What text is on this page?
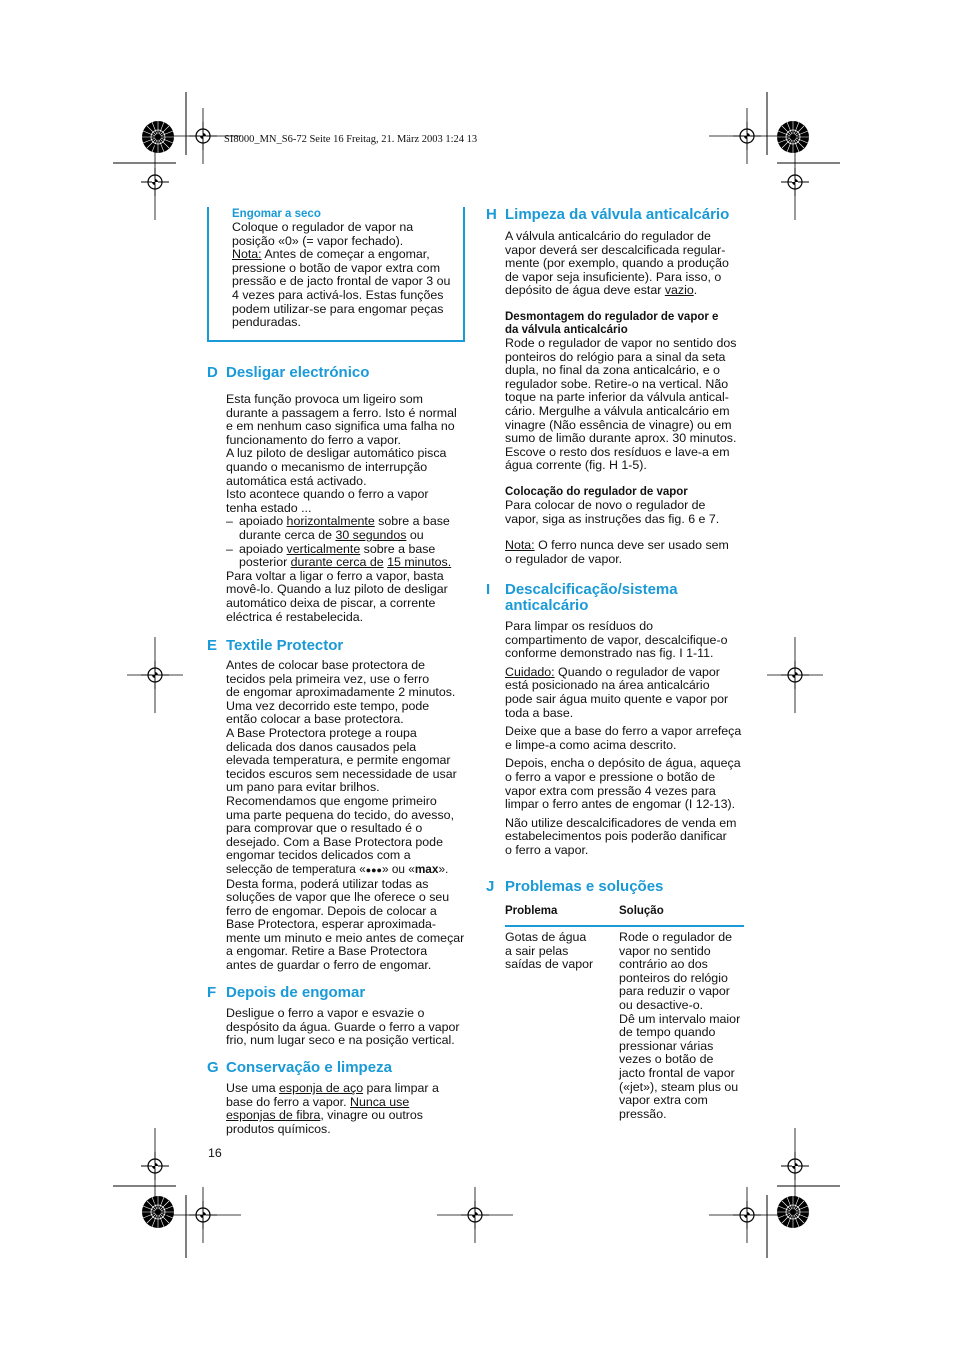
SI8000_MN_S6-72 Seite 16 Freitag, 21. März 2003 1:24 13

Engomar a seco

Coloque o regulador de vapor na

posição «0» (= vapor fechado).

Nota: Antes de começar a engomar,

pressione o botão de vapor extra com

pressão e de jacto frontal de vapor 3 ou

4 vezes para activá-los. Estas funções

podem utilizar-se para engomar peças

penduradas.

D Desligar electrónico

Esta função provoca um ligeiro som

durante a passagem a ferro. Isto é normal

e em nenhum caso significa uma falha no

funcionamento do ferro a vapor.

A luz piloto de desligar automático pisca

quando o mecanismo de interrupção

automática está activado.

Isto acontece quando o ferro a vapor

tenha estado ...

– apoiado horizontalmente sobre a base

durante cerca de 30 segundos ou

– apoiado verticalmente sobre a base

posterior durante cerca de 15 minutos.

Para voltar a ligar o ferro a vapor, basta

movê-lo. Quando a luz piloto de desligar

automático deixa de piscar, a corrente

eléctrica é restabelecida.

E Textile Protector

Antes de colocar base protectora de

tecidos pela primeira vez, use o ferro

de engomar aproximadamente 2 minutos.

Uma vez decorrido este tempo, pode

então colocar a base protectora.

A Base Protectora protege a roupa

delicada dos danos causados pela

elevada temperatura, e permite engomar

tecidos escuros sem necessidade de usar

um pano para evitar brilhos.

Recomendamos que engome primeiro

uma parte pequena do tecido, do avesso,

para comprovar que o resultado é o

desejado. Com a Base Protectora pode

engomar tecidos delicados com a

selecção de temperatura «●●●» ou «max».

Desta forma, poderá utilizar todas as

soluções de vapor que lhe oferece o seu

ferro de engomar. Depois de colocar a

Base Protectora, esperar aproximada-

mente um minuto e meio antes de começar

a engomar. Retire a Base Protectora

antes de guardar o ferro de engomar.

F Depois de engomar

Desligue o ferro a vapor e esvazie o

despósito da água. Guarde o ferro a vapor

frio, num lugar seco e na posição vertical.

G Conservação e limpeza

Use uma esponja de aço para limpar a

base do ferro a vapor. Nunca use

esponjas de fibra, vinagre ou outros

produtos químicos.

16
H Limpeza da válvula anticalcário

A válvula anticalcário do regulador de

vapor deverá ser descalcificada regular-

mente (por exemplo, quando a produção

de vapor seja insuficiente). Para isso, o

depósito de água deve estar vazio.

Desmontagem do regulador de vapor e

da válvula anticalcário

Rode o regulador de vapor no sentido dos

ponteiros do relógio para a sinal da seta

dupla, no final da zona anticalcário, e o

regulador sobe. Retire-o na vertical. Não

toque na parte inferior da válvula antical-

cário. Mergulhe a válvula anticalcário em

vinagre (Não essência de vinagre) ou em

sumo de limão durante aprox. 30 minutos.

Escove o resto dos resíduos e lave-a em

água corrente (fig. H 1-5).

Colocação do regulador de vapor

Para colocar de novo o regulador de

vapor, siga as instruções das fig. 6 e 7.

Nota: O ferro nunca deve ser usado sem

o regulador de vapor.

I Descalcificação/sistema
anticalcário

Para limpar os resíduos do

compartimento de vapor, descalcifique-o

conforme demonstrado nas fig. I 1-11.

Cuidado: Quando o regulador de vapor

está posicionado na área anticalcário

pode sair água muito quente e vapor por

toda a base.

Deixe que a base do ferro a vapor arrefeça

e limpe-a como acima descrito.

Depois, encha o depósito de água, aqueça

o ferro a vapor e pressione o botão de

vapor extra com pressão 4 vezes para

limpar o ferro antes de engomar (I 12-13).

Não utilize descalcificadores de venda em

estabelecimentos pois poderão danificar

o ferro a vapor.

J Problemas e soluções
Problema	Solução

Gotas de água

a sair pelas

saídas de vapor

Rode o regulador de

vapor no sentido

contrário ao dos

ponteiros do relógio

para reduzir o vapor

ou desactive-o.

Dê um intervalo maior

de tempo quando

pressionar várias

vezes o botão de

jacto frontal de vapor

(«jet»), steam plus ou

vapor extra com

pressão.
